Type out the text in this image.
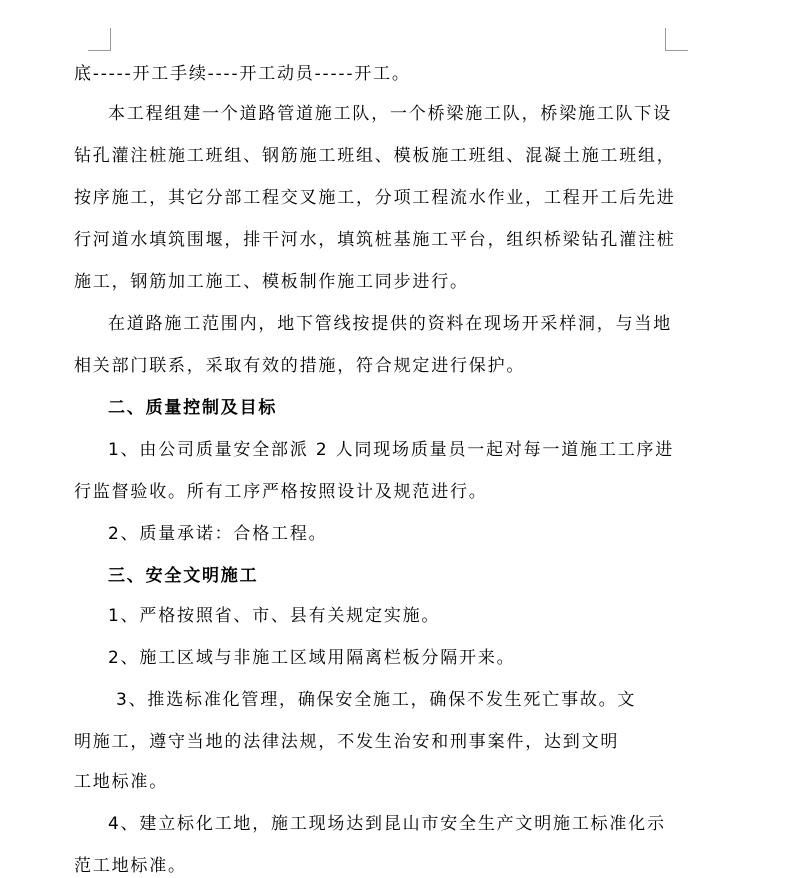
底-----开工手续----开工动员-----开工。
本工程组建一个道路管道施工队，一个桥梁施工队，桥梁施工队下设
钻孔灌注桩施工班组、钢筋施工班组、模板施工班组、混凝土施工班组，
按序施工，其它分部工程交叉施工，分项工程流水作业，工程开工后先进
行河道水填筑围堰，排干河水，填筑桩基施工平台，组织桥梁钻孔灌注桩
施工，钢筋加工施工、模板制作施工同步进行。
在道路施工范围内，地下管线按提供的资料在现场开采样洞，与当地
相关部门联系，采取有效的措施，符合规定进行保护。
二、质量控制及目标
1、由公司质量安全部派 2 人同现场质量员一起对每一道施工工序进
行监督验收。所有工序严格按照设计及规范进行。
2、质量承诺：合格工程。
三、安全文明施工
1、严格按照省、市、县有关规定实施。
2、施工区域与非施工区域用隔离栏板分隔开来。
3、推选标准化管理，确保安全施工，确保不发生死亡事故。文
明施工，遵守当地的法律法规，不发生治安和刑事案件，达到文明
工地标准。
4、建立标化工地，施工现场达到昆山市安全生产文明施工标准化示
范工地标准。
